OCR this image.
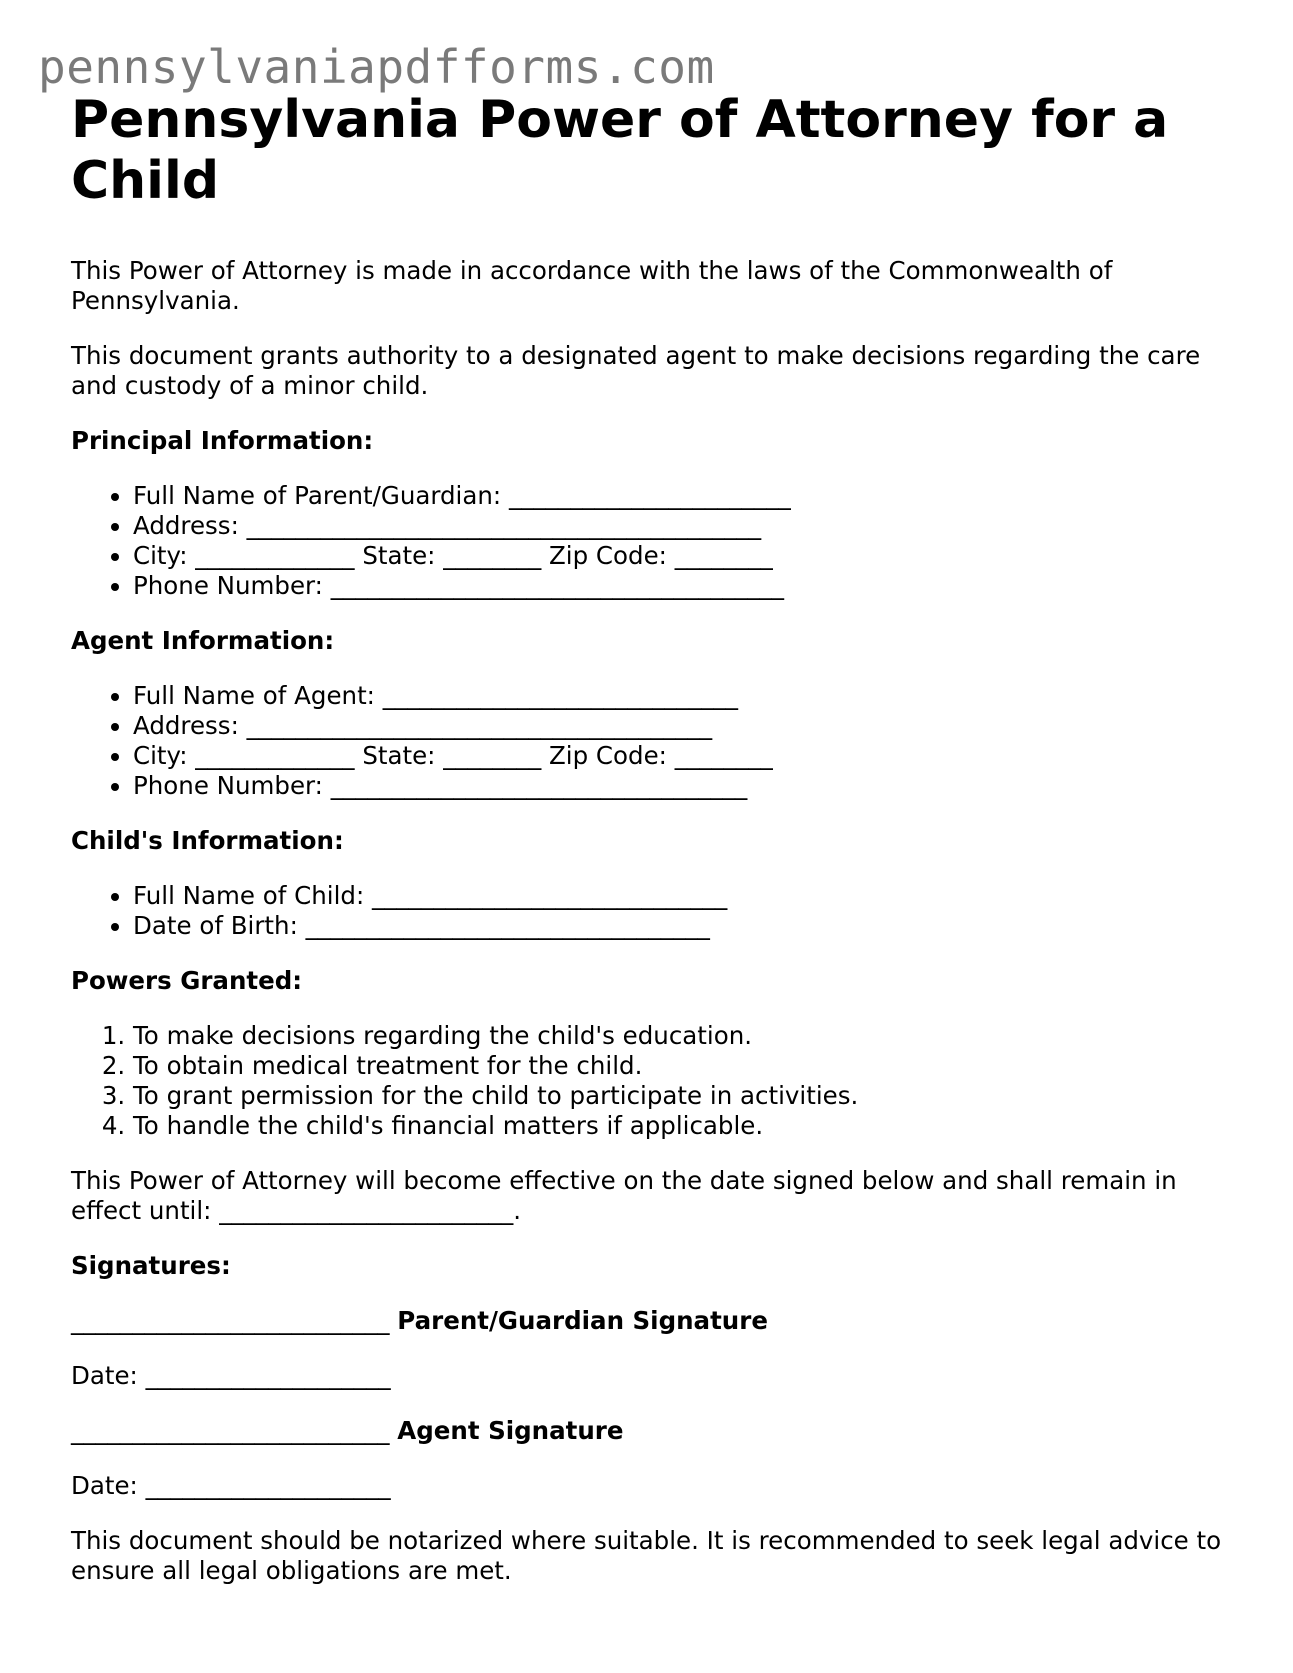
pennsylvaniapdfforms.com
Pennsylvania Power of Attorney for a Child

This Power of Attorney is made in accordance with the laws of the Commonwealth of Pennsylvania.

This document grants authority to a designated agent to make decisions regarding the care and custody of a minor child.

Principal Information:

• Full Name of Parent/Guardian: _______________________
• Address: __________________________________________
• City: _____________ State: ________ Zip Code: ________
• Phone Number: _____________________________________

Agent Information:

• Full Name of Agent: _____________________________
• Address: ______________________________________
• City: _____________ State: ________ Zip Code: ________
• Phone Number: __________________________________

Child's Information:

• Full Name of Child: _____________________________
• Date of Birth: _________________________________

Powers Granted:

1. To make decisions regarding the child's education.
2. To obtain medical treatment for the child.
3. To grant permission for the child to participate in activities.
4. To handle the child's financial matters if applicable.

This Power of Attorney will become effective on the date signed below and shall remain in effect until: ________________________.

Signatures:

__________________________ Parent/Guardian Signature

Date: ____________________

__________________________ Agent Signature

Date: ____________________

This document should be notarized where suitable. It is recommended to seek legal advice to ensure all legal obligations are met.
